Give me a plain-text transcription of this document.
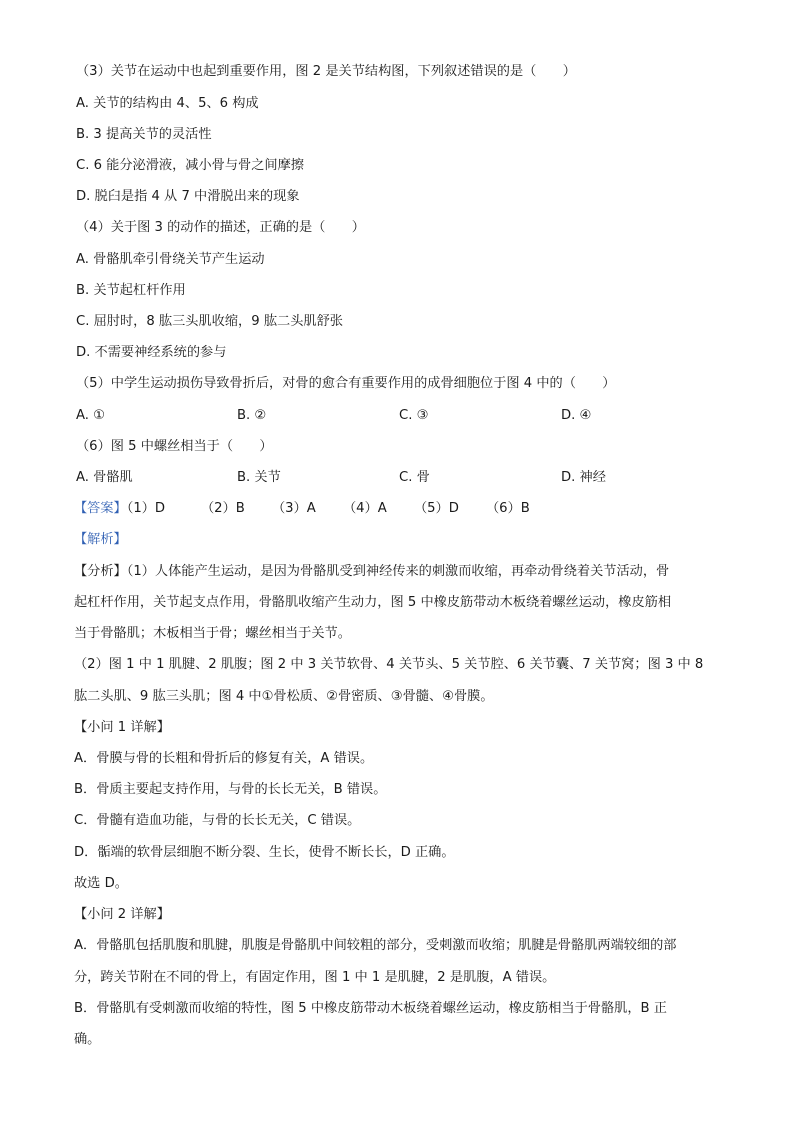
（3）关节在运动中也起到重要作用，图 2 是关节结构图，下列叙述错误的是（　　）
A. 关节的结构由 4、5、6 构成
B. 3 提高关节的灵活性
C. 6 能分泌滑液，减小骨与骨之间摩擦
D. 脱臼是指 4 从 7 中滑脱出来的现象
（4）关于图 3 的动作的描述，正确的是（　　）
A. 骨骼肌牵引骨绕关节产生运动
B. 关节起杠杆作用
C. 屈肘时，8 肱三头肌收缩，9 肱二头肌舒张
D. 不需要神经系统的参与
（5）中学生运动损伤导致骨折后，对骨的愈合有重要作用的成骨细胞位于图 4 中的（　　）
A. ①	B. ②	C. ③	D. ④
（6）图 5 中螺丝相当于（　　）
A. 骨骼肌	B. 关节	C. 骨	D. 神经
【答案】（1）D	（2）B （3）A （4）A （5）D （6）B
【解析】
【分析】（1）人体能产生运动，是因为骨骼肌受到神经传来的刺激而收缩，再牵动骨绕着关节活动，骨
起杠杆作用，关节起支点作用，骨骼肌收缩产生动力，图 5 中橡皮筋带动木板绕着螺丝运动，橡皮筋相
当于骨骼肌；木板相当于骨；螺丝相当于关节。
（2）图 1 中 1 肌腱、2 肌腹；图 2 中 3 关节软骨、4 关节头、5 关节腔、6 关节囊、7 关节窝；图 3 中 8
肱二头肌、9 肱三头肌；图 4 中①骨松质、②骨密质、③骨髓、④骨膜。
【小问 1 详解】
A．骨膜与骨的长粗和骨折后的修复有关，A 错误。
B．骨质主要起支持作用，与骨的长长无关，B 错误。
C．骨髓有造血功能，与骨的长长无关，C 错误。
D．骺端的软骨层细胞不断分裂、生长，使骨不断长长，D 正确。
故选 D。
【小问 2 详解】
A．骨骼肌包括肌腹和肌腱，肌腹是骨骼肌中间较粗的部分，受刺激而收缩；肌腱是骨骼肌两端较细的部
分，跨关节附在不同的骨上，有固定作用，图 1 中 1 是肌腱，2 是肌腹，A 错误。
B．骨骼肌有受刺激而收缩的特性，图 5 中橡皮筋带动木板绕着螺丝运动，橡皮筋相当于骨骼肌，B 正
确。
